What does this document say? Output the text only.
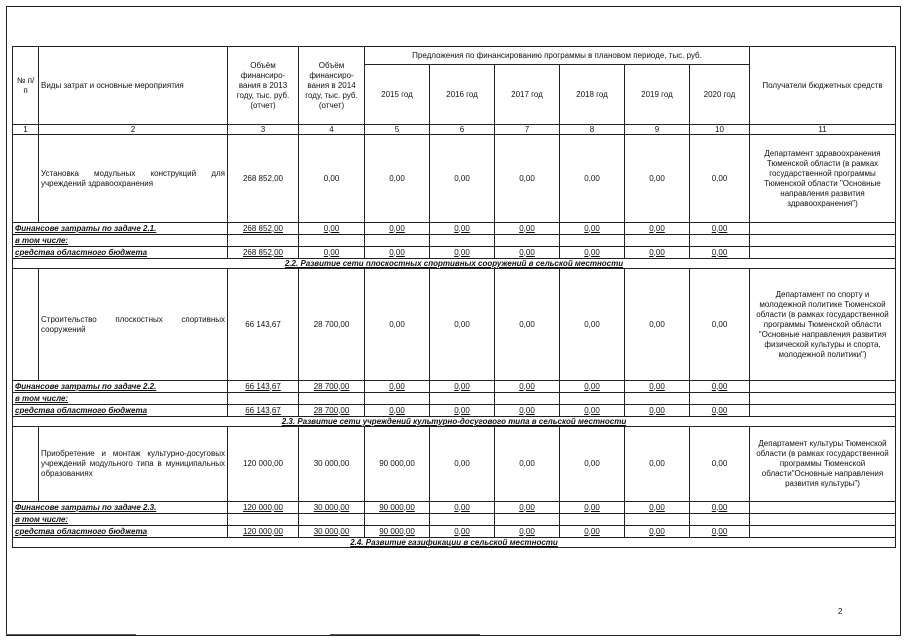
№ п/п	Виды затрат и основные мероприятия	Объём финансиро-вания в 2013 году, тыс. руб. (отчет)	Объём финансиро-вания в 2014 году, тыс. руб. (отчет)	Предложения по финансированию программы в плановом периоде, тыс. руб.						Получатели бюджетных средств
				2015 год	2016 год	2017 год	2018 год	2019 год	2020 год	
1	2	3	4	5	6	7	8	9	10	11
	Установка модульных конструкций для учреждений здравоохранения	268 852,00	0,00	0,00	0,00	0,00	0,00	0,00	0,00	Департамент здравоохранения Тюменской области (в рамках государственной программы Тюменской области "Основные направления развития здравоохранения")
Финансове затраты по задаче 2.1.		268 852,00	0,00	0,00	0,00	0,00	0,00	0,00	0,00	
в том числе:										
средства областного бюджета		268 852,00	0,00	0,00	0,00	0,00	0,00	0,00	0,00	
2.2. Развитие сети плоскостных спортивных сооружений в сельской местности										
	Строительство плоскостных спортивных сооружений	66 143,67	28 700,00	0,00	0,00	0,00	0,00	0,00	0,00	Департамент по спорту и молодежной политике Тюменской области (в рамках государственной программы Тюменской области "Основные направления развития физической культуры и спорта, молодежной политики")
Финансове затраты по задаче 2.2.		66 143,67	28 700,00	0,00	0,00	0,00	0,00	0,00	0,00	
в том числе:										
средства областного бюджета		66 143,67	28 700,00	0,00	0,00	0,00	0,00	0,00	0,00	
2.3. Развитие сети учреждений культурно-досугового типа в сельской местности										
	Приобретение и монтаж культурно-досуговых учреждений модульного типа в муниципальных образованиях	120 000,00	30 000,00	90 000,00	0,00	0,00	0,00	0,00	0,00	Департамент культуры Тюменской области (в рамках государственной программы Тюменской области"Основные направления развития культуры")
Финансове затраты по задаче 2.3.		120 000,00	30 000,00	90 000,00	0,00	0,00	0,00	0,00	0,00	
в том числе:										
средства областного бюджета		120 000,00	30 000,00	90 000,00	0,00	0,00	0,00	0,00	0,00	
2.4. Развитие газификации в сельской местности										
2
